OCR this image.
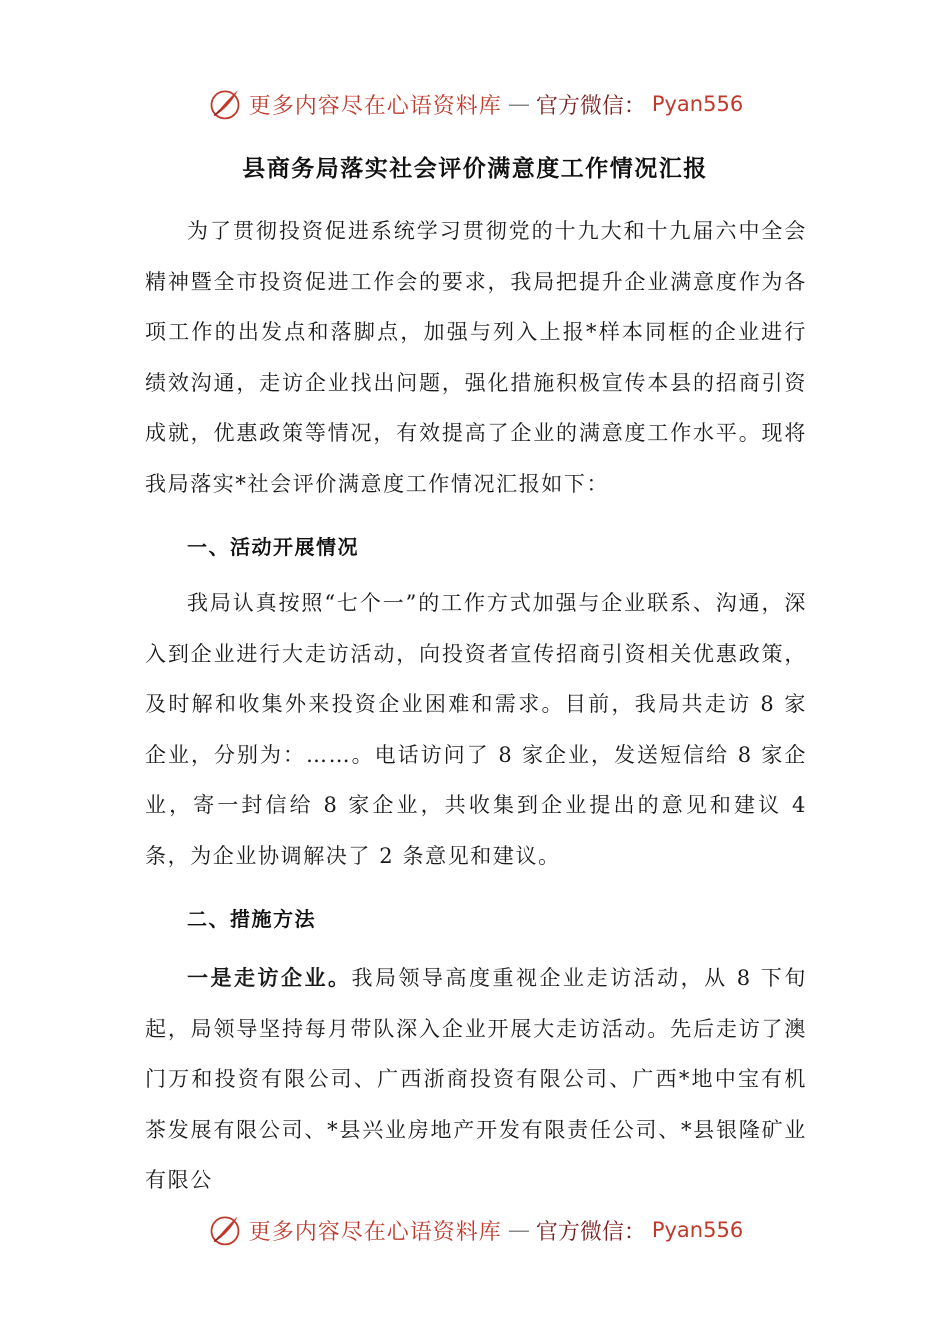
更多内容尽在心语资料库 — 官方微信： Pyan556
县商务局落实社会评价满意度工作情况汇报

为了贯彻投资促进系统学习贯彻党的十九大和十九届六中全会精神暨全市投资促进工作会的要求，我局把提升企业满意度作为各项工作的出发点和落脚点，加强与列入上报*样本同框的企业进行绩效沟通，走访企业找出问题，强化措施积极宣传本县的招商引资成就，优惠政策等情况，有效提高了企业的满意度工作水平。现将我局落实*社会评价满意度工作情况汇报如下：

一、活动开展情况

我局认真按照“七个一”的工作方式加强与企业联系、沟通，深入到企业进行大走访活动，向投资者宣传招商引资相关优惠政策，及时解和收集外来投资企业困难和需求。目前，我局共走访 8 家企业，分别为：……。电话访问了 8 家企业，发送短信给 8 家企业，寄一封信给 8 家企业，共收集到企业提出的意见和建议 4 条，为企业协调解决了 2 条意见和建议。

二、措施方法

一是走访企业。我局领导高度重视企业走访活动，从 8 下旬起，局领导坚持每月带队深入企业开展大走访活动。先后走访了澳门万和投资有限公司、广西浙商投资有限公司、广西*地中宝有机茶发展有限公司、*县兴业房地产开发有限责任公司、*县银隆矿业有限公

更多内容尽在心语资料库 — 官方微信： Pyan556
